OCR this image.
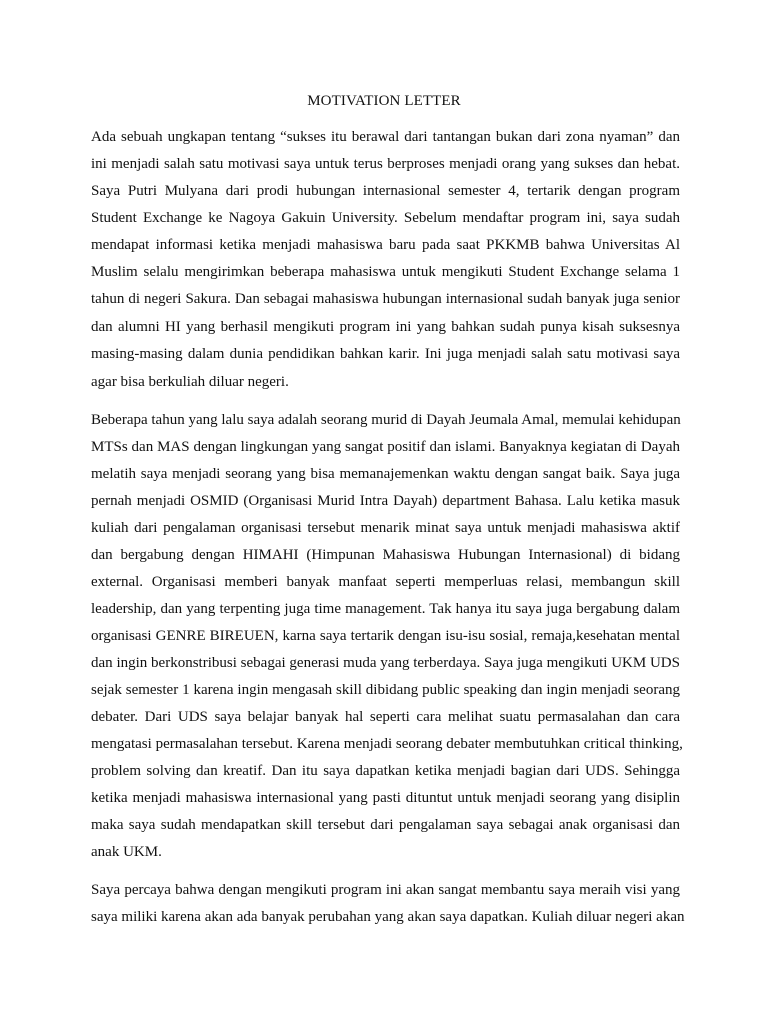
MOTIVATION LETTER
Ada sebuah ungkapan tentang “sukses itu berawal dari tantangan bukan dari zona nyaman” dan
ini menjadi salah satu motivasi saya untuk terus berproses menjadi orang yang sukses dan hebat.
Saya Putri Mulyana dari prodi hubungan internasional semester 4, tertarik dengan program
Student Exchange ke Nagoya Gakuin University. Sebelum mendaftar program ini, saya sudah
mendapat informasi ketika menjadi mahasiswa baru pada saat PKKMB bahwa Universitas Al
Muslim selalu mengirimkan beberapa mahasiswa untuk mengikuti Student Exchange selama 1
tahun di negeri Sakura. Dan sebagai mahasiswa hubungan internasional sudah banyak juga senior
dan alumni HI yang berhasil mengikuti program ini yang bahkan sudah punya kisah suksesnya
masing-masing dalam dunia pendidikan bahkan karir. Ini juga menjadi salah satu motivasi saya
agar bisa berkuliah diluar negeri.
Beberapa tahun yang lalu saya adalah seorang murid di Dayah Jeumala Amal, memulai kehidupan
MTSs dan MAS dengan lingkungan yang sangat positif dan islami. Banyaknya kegiatan di Dayah
melatih saya menjadi seorang yang bisa memanajemenkan waktu dengan sangat baik. Saya juga
pernah menjadi OSMID (Organisasi Murid Intra Dayah) department Bahasa. Lalu ketika masuk
kuliah dari pengalaman organisasi tersebut menarik minat saya untuk menjadi mahasiswa aktif
dan bergabung dengan HIMAHI (Himpunan Mahasiswa Hubungan Internasional) di bidang
external. Organisasi memberi banyak manfaat seperti memperluas relasi, membangun skill
leadership, dan yang terpenting juga time management. Tak hanya itu saya juga bergabung dalam
organisasi GENRE BIREUEN, karna saya tertarik dengan isu-isu sosial, remaja,kesehatan mental
dan ingin berkonstribusi sebagai generasi muda yang terberdaya. Saya juga mengikuti UKM UDS
sejak semester 1 karena ingin mengasah skill dibidang public speaking dan ingin menjadi seorang
debater. Dari UDS saya belajar banyak hal seperti cara melihat suatu permasalahan dan cara
mengatasi permasalahan tersebut. Karena menjadi seorang debater membutuhkan critical thinking,
problem solving dan kreatif. Dan itu saya dapatkan ketika menjadi bagian dari UDS. Sehingga
ketika menjadi mahasiswa internasional yang pasti dituntut untuk menjadi seorang yang disiplin
maka saya sudah mendapatkan skill tersebut dari pengalaman saya sebagai anak organisasi dan
anak UKM.
Saya percaya bahwa dengan mengikuti program ini akan sangat membantu saya meraih visi yang
saya miliki karena akan ada banyak perubahan yang akan saya dapatkan. Kuliah diluar negeri akan
